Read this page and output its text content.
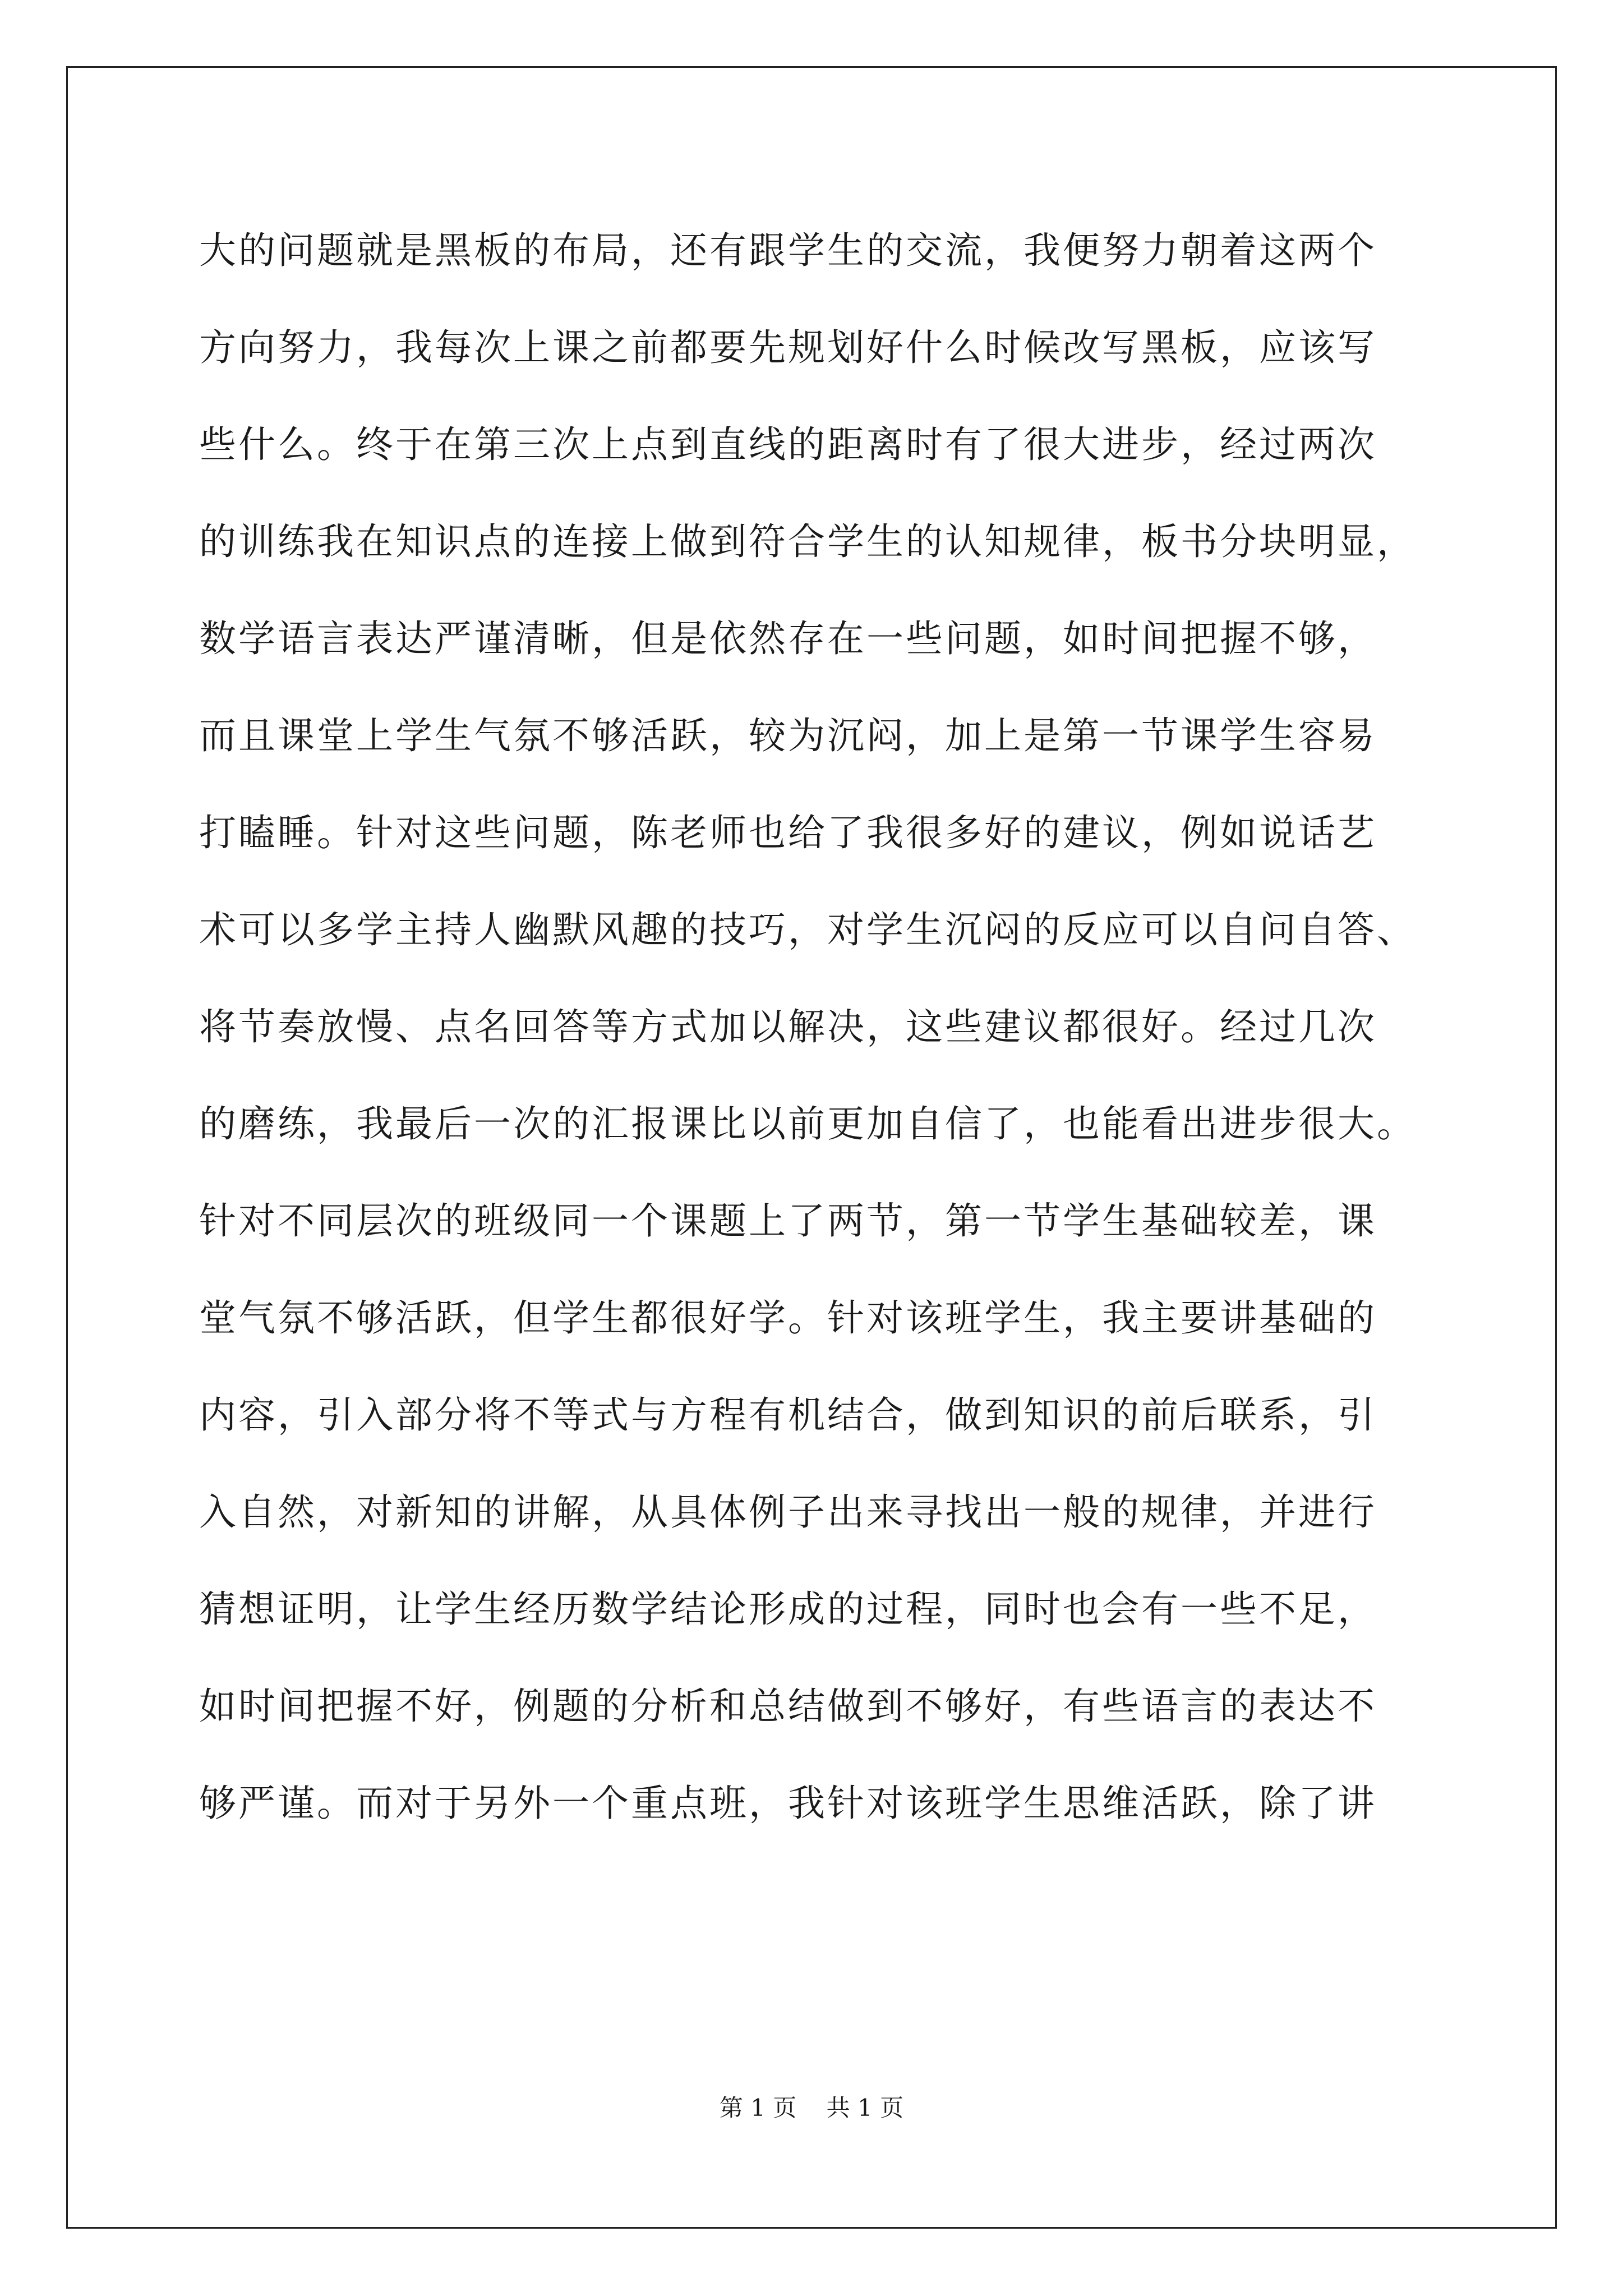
大的问题就是黑板的布局，还有跟学生的交流，我便努力朝着这两个
方向努力，我每次上课之前都要先规划好什么时候改写黑板，应该写
些什么。终于在第三次上点到直线的距离时有了很大进步，经过两次
的训练我在知识点的连接上做到符合学生的认知规律，板书分块明显，
数学语言表达严谨清晰，但是依然存在一些问题，如时间把握不够，
而且课堂上学生气氛不够活跃，较为沉闷，加上是第一节课学生容易
打瞌睡。针对这些问题，陈老师也给了我很多好的建议，例如说话艺
术可以多学主持人幽默风趣的技巧，对学生沉闷的反应可以自问自答、
将节奏放慢、点名回答等方式加以解决，这些建议都很好。经过几次
的磨练，我最后一次的汇报课比以前更加自信了，也能看出进步很大。
针对不同层次的班级同一个课题上了两节，第一节学生基础较差，课
堂气氛不够活跃，但学生都很好学。针对该班学生，我主要讲基础的
内容，引入部分将不等式与方程有机结合，做到知识的前后联系，引
入自然，对新知的讲解，从具体例子出来寻找出一般的规律，并进行
猜想证明，让学生经历数学结论形成的过程，同时也会有一些不足，
如时间把握不好，例题的分析和总结做到不够好，有些语言的表达不
够严谨。而对于另外一个重点班，我针对该班学生思维活跃，除了讲
第 1 页 共 1 页
